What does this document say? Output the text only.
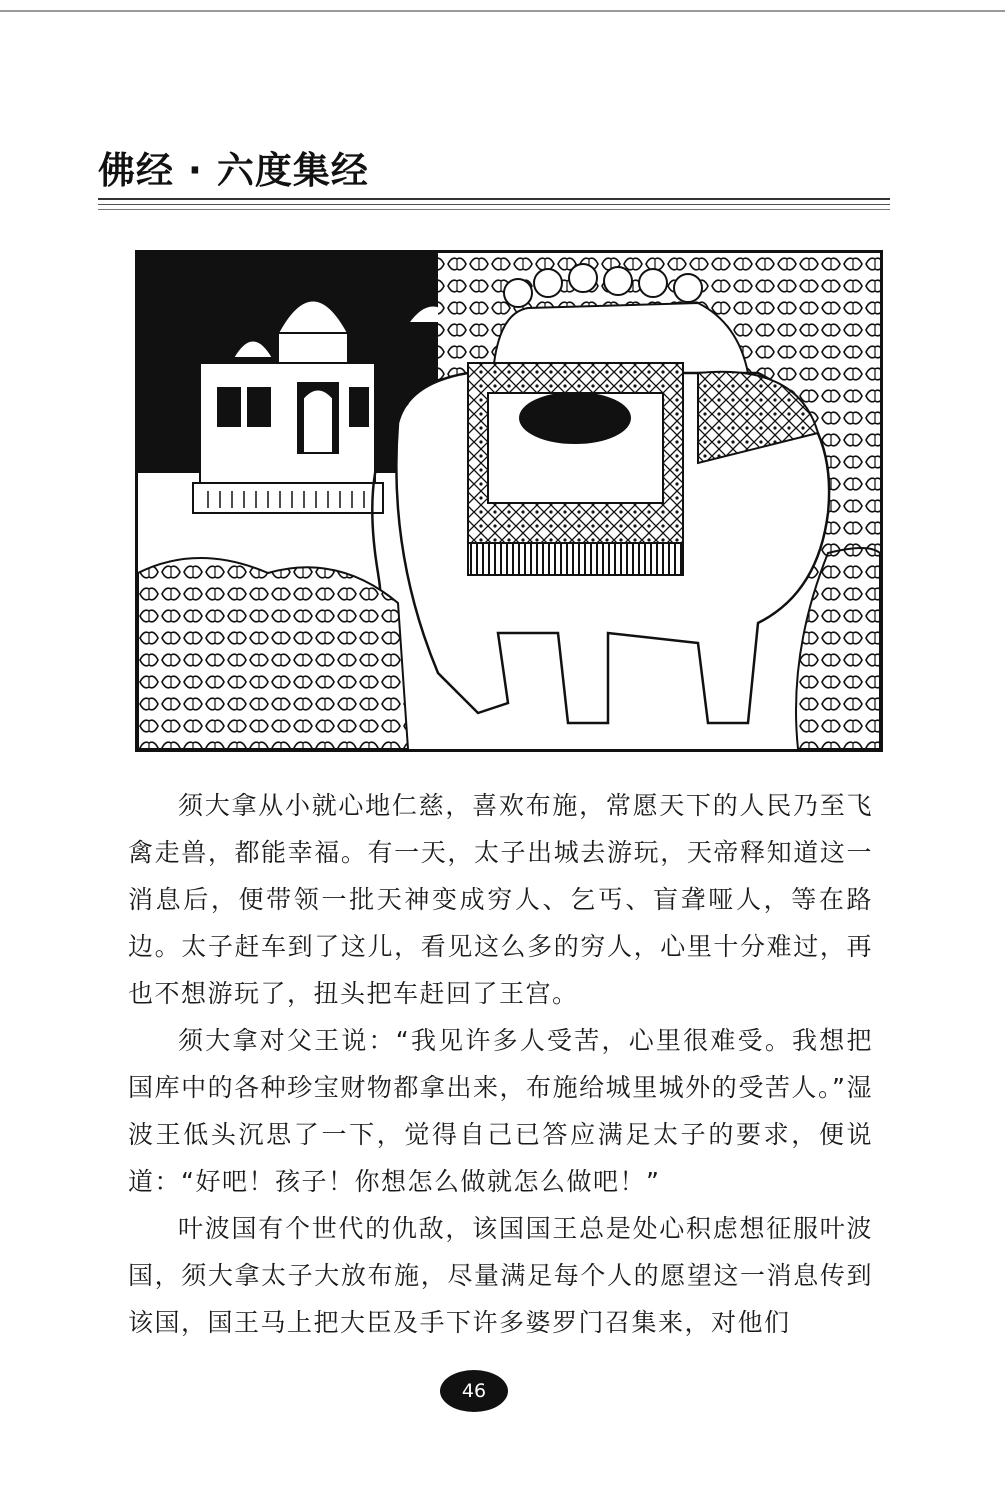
佛经 · 六度集经

须大拿从小就心地仁慈，喜欢布施，常愿天下的人民乃至飞禽走兽，都能幸福。有一天，太子出城去游玩，天帝释知道这一消息后，便带领一批天神变成穷人、乞丐、盲聋哑人，等在路边。太子赶车到了这儿，看见这么多的穷人，心里十分难过，再也不想游玩了，扭头把车赶回了王宫。

须大拿对父王说：“我见许多人受苦，心里很难受。我想把国库中的各种珍宝财物都拿出来，布施给城里城外的受苦人。”湿波王低头沉思了一下，觉得自己已答应满足太子的要求，便说道：“好吧！孩子！你想怎么做就怎么做吧！”

叶波国有个世代的仇敌，该国国王总是处心积虑想征服叶波国，须大拿太子大放布施，尽量满足每个人的愿望这一消息传到该国，国王马上把大臣及手下许多婆罗门召集来，对他们

46
